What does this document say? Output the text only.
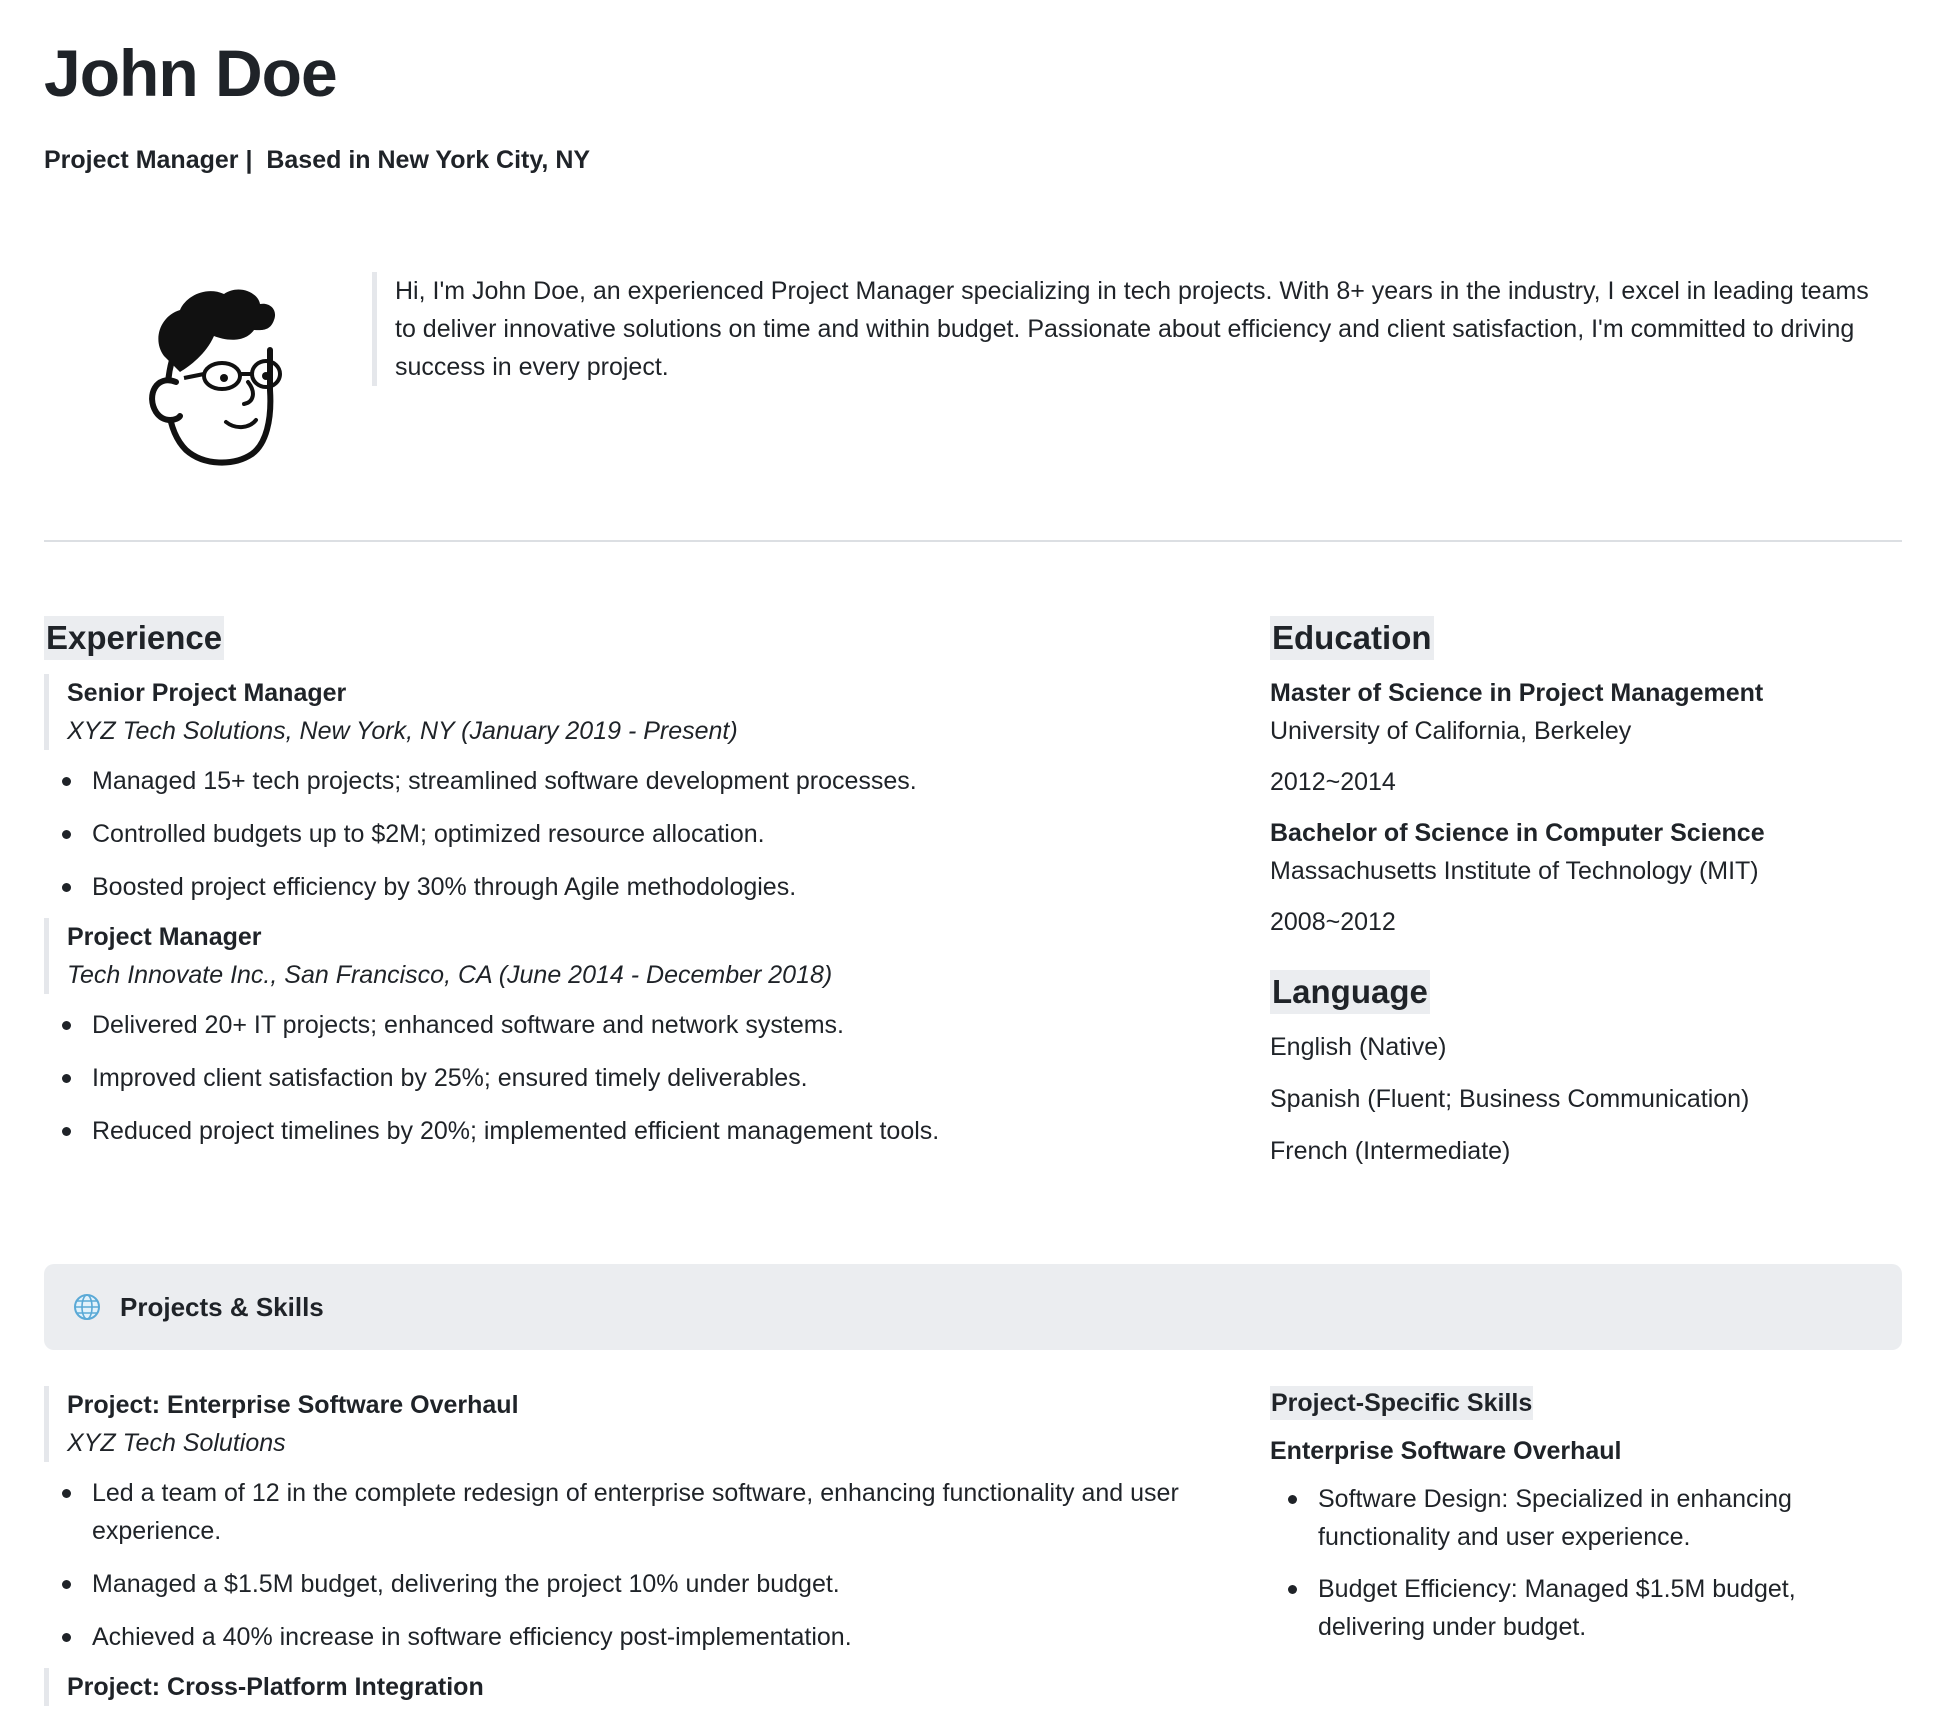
John Doe
Project Manager |  Based in New York City, NY
Hi, I'm John Doe, an experienced Project Manager specializing in tech projects. With 8+ years in the industry, I excel in leading teams to deliver innovative solutions on time and within budget. Passionate about efficiency and client satisfaction, I'm committed to driving success in every project.
Experience
Senior Project Manager
XYZ Tech Solutions, New York, NY (January 2019 - Present)
Managed 15+ tech projects; streamlined software development processes.
Controlled budgets up to $2M; optimized resource allocation.
Boosted project efficiency by 30% through Agile methodologies.
Project Manager
Tech Innovate Inc., San Francisco, CA (June 2014 - December 2018)
Delivered 20+ IT projects; enhanced software and network systems.
Improved client satisfaction by 25%; ensured timely deliverables.
Reduced project timelines by 20%; implemented efficient management tools.
Education
Master of Science in Project Management
University of California, Berkeley
2012~2014
Bachelor of Science in Computer Science
Massachusetts Institute of Technology (MIT)
2008~2012
Language
English (Native)
Spanish (Fluent; Business Communication)
French (Intermediate)
Projects & Skills
Project: Enterprise Software Overhaul
XYZ Tech Solutions
Led a team of 12 in the complete redesign of enterprise software, enhancing functionality and user experience.
Managed a $1.5M budget, delivering the project 10% under budget.
Achieved a 40% increase in software efficiency post-implementation.
Project: Cross-Platform Integration
Project-Specific Skills
Enterprise Software Overhaul
Software Design: Specialized in enhancing functionality and user experience.
Budget Efficiency: Managed $1.5M budget, delivering under budget.
